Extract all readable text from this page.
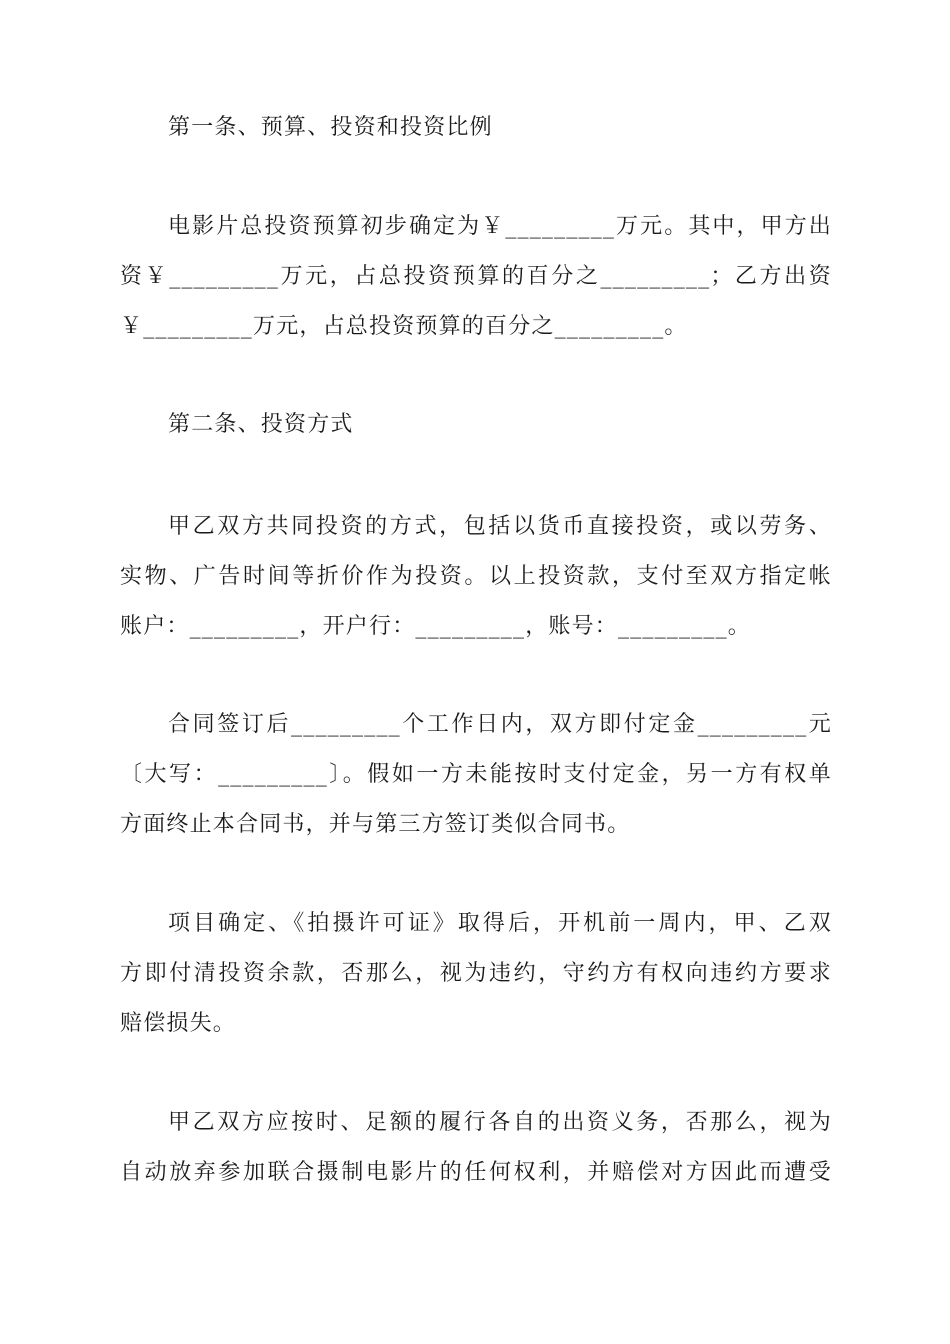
第一条、预算、投资和投资比例
电影片总投资预算初步确定为￥_________万元。其中，甲方出
资￥_________万元，占总投资预算的百分之_________；乙方出资
￥_________万元，占总投资预算的百分之_________。
第二条、投资方式
甲乙双方共同投资的方式，包括以货币直接投资，或以劳务、
实物、广告时间等折价作为投资。以上投资款，支付至双方指定帐
账户：_________，开户行：_________，账号：_________。
合同签订后_________个工作日内，双方即付定金_________元
〔大写：_________〕。假如一方未能按时支付定金，另一方有权单
方面终止本合同书，并与第三方签订类似合同书。
项目确定、《拍摄许可证》取得后，开机前一周内，甲、乙双
方即付清投资余款，否那么，视为违约，守约方有权向违约方要求
赔偿损失。
甲乙双方应按时、足额的履行各自的出资义务，否那么，视为
自动放弃参加联合摄制电影片的任何权利，并赔偿对方因此而遭受
